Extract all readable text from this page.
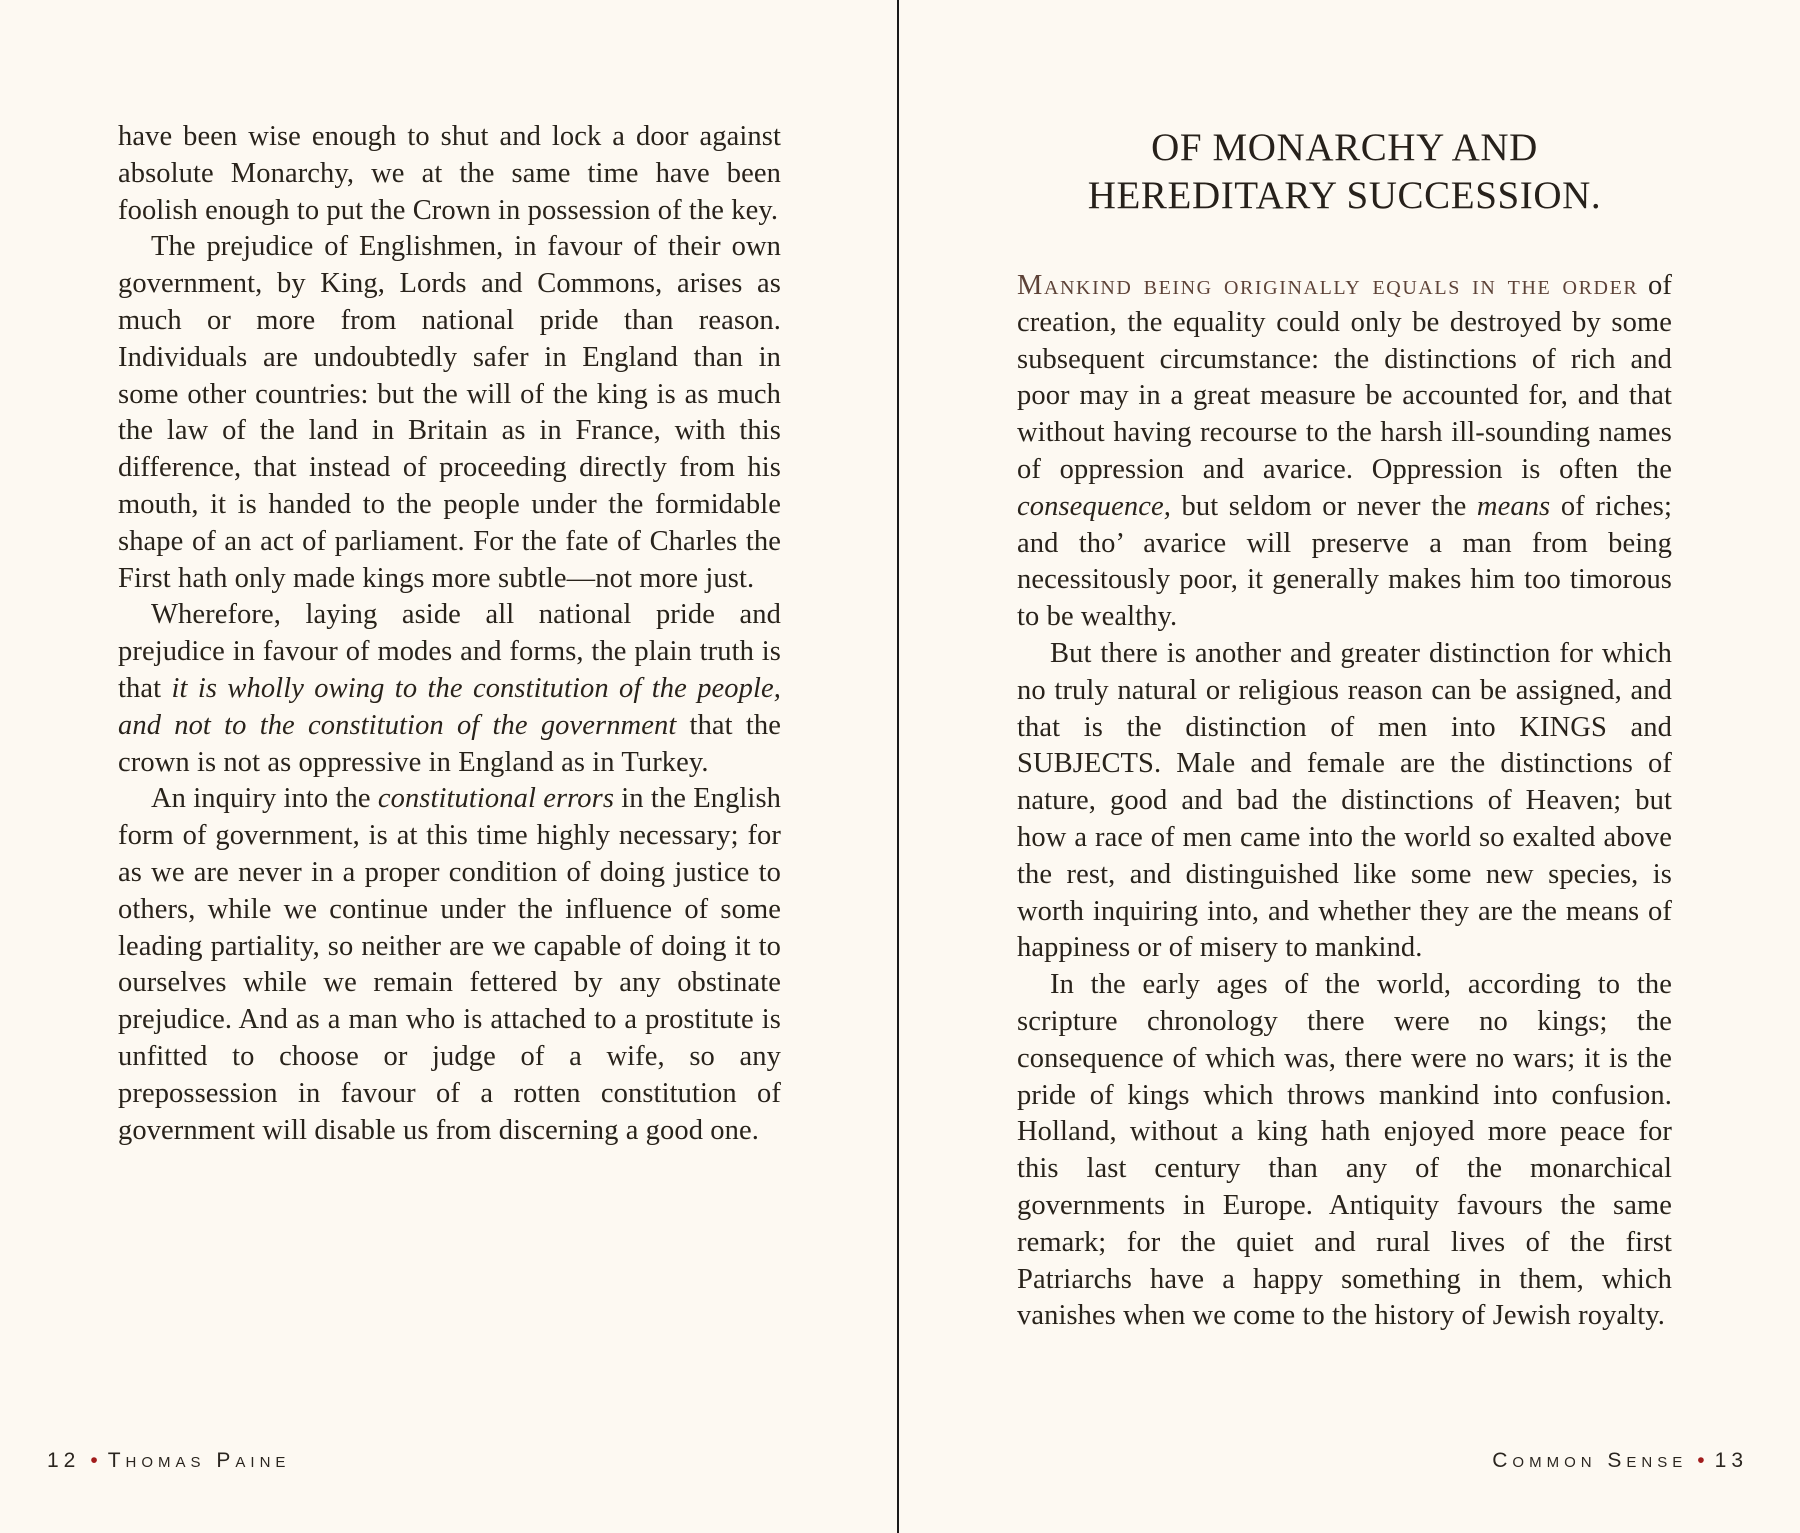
have been wise enough to shut and lock a door against absolute Monarchy, we at the same time have been foolish enough to put the Crown in possession of the key.

The prejudice of Englishmen, in favour of their own government, by King, Lords and Commons, arises as much or more from national pride than reason. Individuals are undoubtedly safer in England than in some other countries: but the will of the king is as much the law of the land in Britain as in France, with this difference, that instead of proceeding directly from his mouth, it is handed to the people under the formidable shape of an act of parliament. For the fate of Charles the First hath only made kings more subtle—not more just.

Wherefore, laying aside all national pride and prejudice in favour of modes and forms, the plain truth is that it is wholly owing to the constitution of the people, and not to the constitution of the government that the crown is not as oppressive in England as in Turkey.

An inquiry into the constitutional errors in the English form of government, is at this time highly necessary; for as we are never in a proper condition of doing justice to others, while we continue under the influence of some leading partiality, so neither are we capable of doing it to ourselves while we remain fettered by any obstinate prejudice. And as a man who is attached to a prostitute is unfitted to choose or judge of a wife, so any prepossession in favour of a rotten constitution of government will disable us from discerning a good one.

12 • Thomas Paine
OF MONARCHY AND
HEREDITARY SUCCESSION.

Mankind being originally equals in the order of creation, the equality could only be destroyed by some subsequent circumstance: the distinctions of rich and poor may in a great measure be accounted for, and that without having recourse to the harsh ill-sounding names of oppression and avarice. Oppression is often the consequence, but seldom or never the means of riches; and tho’ avarice will preserve a man from being necessitously poor, it generally makes him too timorous to be wealthy.

But there is another and greater distinction for which no truly natural or religious reason can be assigned, and that is the distinction of men into KINGS and SUBJECTS. Male and female are the distinctions of nature, good and bad the distinctions of Heaven; but how a race of men came into the world so exalted above the rest, and distinguished like some new species, is worth inquiring into, and whether they are the means of happiness or of misery to mankind.

In the early ages of the world, according to the scripture chronology there were no kings; the consequence of which was, there were no wars; it is the pride of kings which throws mankind into confusion. Holland, without a king hath enjoyed more peace for this last century than any of the monarchical governments in Europe. Antiquity favours the same remark; for the quiet and rural lives of the first Patriarchs have a happy something in them, which vanishes when we come to the history of Jewish royalty.

Common Sense • 13
